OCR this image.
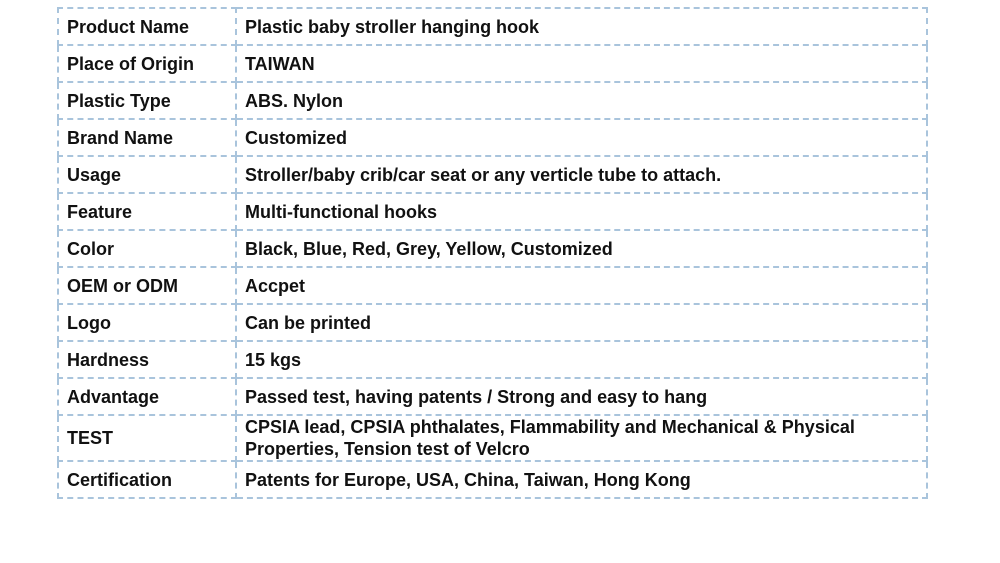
Product Name	Plastic baby stroller hanging hook
Place of Origin	TAIWAN
Plastic Type	ABS. Nylon
Brand Name	Customized
Usage	Stroller/baby crib/car seat or any verticle tube to attach.
Feature	Multi-functional hooks
Color	Black, Blue, Red, Grey, Yellow, Customized
OEM or ODM	Accpet
Logo	Can be printed
Hardness	15 kgs
Advantage	Passed test, having patents / Strong and easy to hang
TEST	CPSIA lead, CPSIA phthalates, Flammability and Mechanical & Physical Properties, Tension test of Velcro
Certification	Patents for Europe, USA, China, Taiwan, Hong Kong
